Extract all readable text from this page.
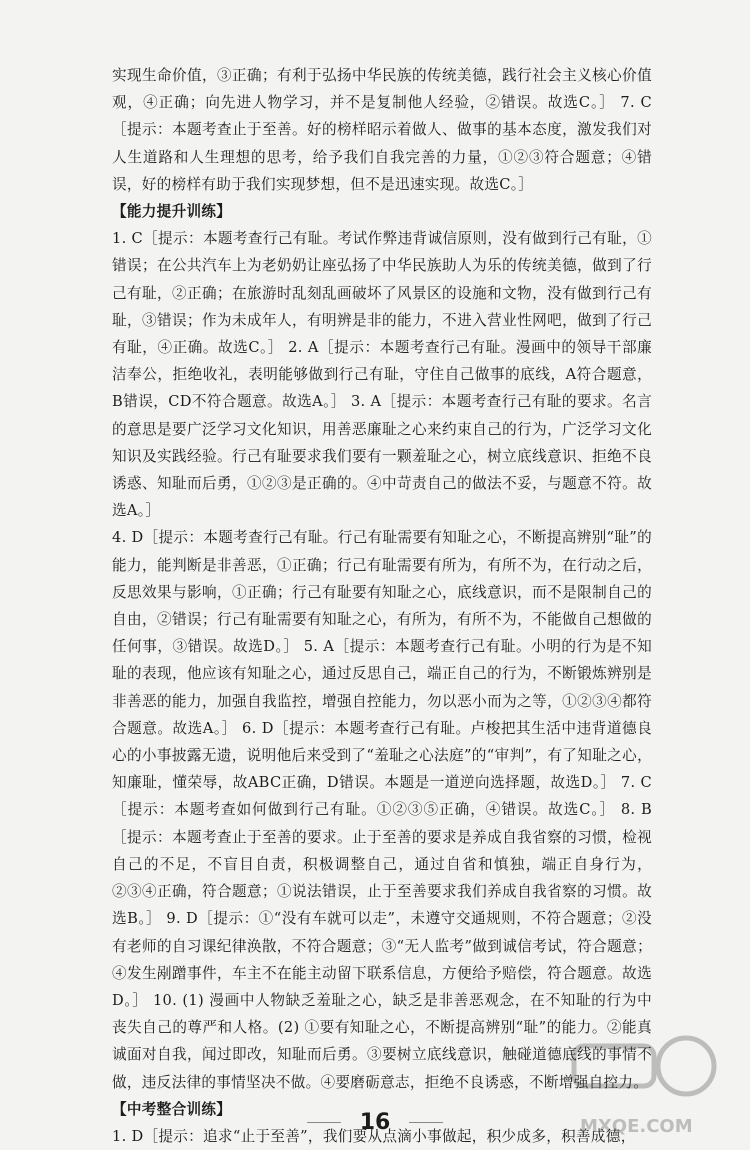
实现生命价值，③正确；有利于弘扬中华民族的传统美德，践行社会主义核心价值观，④正确；向先进人物学习，并不是复制他人经验，②错误。故选C。］ 7. C［提示：本题考查止于至善。好的榜样昭示着做人、做事的基本态度，激发我们对人生道路和人生理想的思考，给予我们自我完善的力量，①②③符合题意；④错误，好的榜样有助于我们实现梦想，但不是迅速实现。故选C。］

【能力提升训练】

1. C［提示：本题考查行己有耻。考试作弊违背诚信原则，没有做到行己有耻，①错误；在公共汽车上为老奶奶让座弘扬了中华民族助人为乐的传统美德，做到了行己有耻，②正确；在旅游时乱刻乱画破坏了风景区的设施和文物，没有做到行己有耻，③错误；作为未成年人，有明辨是非的能力，不进入营业性网吧，做到了行己有耻，④正确。故选C。］ 2. A［提示：本题考查行己有耻。漫画中的领导干部廉洁奉公，拒绝收礼，表明能够做到行己有耻，守住自己做事的底线，A符合题意，B错误，CD不符合题意。故选A。］ 3. A［提示：本题考查行己有耻的要求。名言的意思是要广泛学习文化知识，用善恶廉耻之心来约束自己的行为，广泛学习文化知识及实践经验。行己有耻要求我们要有一颗羞耻之心，树立底线意识、拒绝不良诱惑、知耻而后勇，①②③是正确的。④中苛责自己的做法不妥，与题意不符。故选A。］

4. D［提示：本题考查行己有耻。行己有耻需要有知耻之心，不断提高辨别“耻”的能力，能判断是非善恶，①正确；行己有耻需要有所为，有所不为，在行动之后，反思效果与影响，①正确；行己有耻要有知耻之心，底线意识，而不是限制自己的自由，②错误；行己有耻需要有知耻之心，有所为，有所不为，不能做自己想做的任何事，③错误。故选D。］ 5. A［提示：本题考查行己有耻。小明的行为是不知耻的表现，他应该有知耻之心，通过反思自己，端正自己的行为，不断锻炼辨别是非善恶的能力，加强自我监控，增强自控能力，勿以恶小而为之等，①②③④都符合题意。故选A。］ 6. D［提示：本题考查行己有耻。卢梭把其生活中违背道德良心的小事披露无遗，说明他后来受到了“羞耻之心法庭”的“审判”，有了知耻之心，知廉耻，懂荣辱，故ABC正确，D错误。本题是一道逆向选择题，故选D。］ 7. C［提示：本题考查如何做到行己有耻。①②③⑤正确，④错误。故选C。］ 8. B［提示：本题考查止于至善的要求。止于至善的要求是养成自我省察的习惯，检视自己的不足，不盲目自责，积极调整自己，通过自省和慎独，端正自身行为，②③④正确，符合题意；①说法错误，止于至善要求我们养成自我省察的习惯。故选B。］ 9. D［提示：①“没有车就可以走”，未遵守交通规则，不符合题意；②没有老师的自习课纪律涣散，不符合题意；③“无人监考”做到诚信考试，符合题意；④发生剐蹭事件，车主不在能主动留下联系信息，方便给予赔偿，符合题意。故选D。］ 10. (1) 漫画中人物缺乏羞耻之心，缺乏是非善恶观念，在不知耻的行为中丧失自己的尊严和人格。(2) ①要有知耻之心，不断提高辨别“耻”的能力。②能真诚面对自我，闻过即改，知耻而后勇。③要树立底线意识，触碰道德底线的事情不做，违反法律的事情坚决不做。④要磨砺意志，拒绝不良诱惑，不断增强自控力。

【中考整合训练】

1. D［提示：追求“止于至善”，我们要从点滴小事做起，积少成多，积善成德，

16	MXQE.COM
